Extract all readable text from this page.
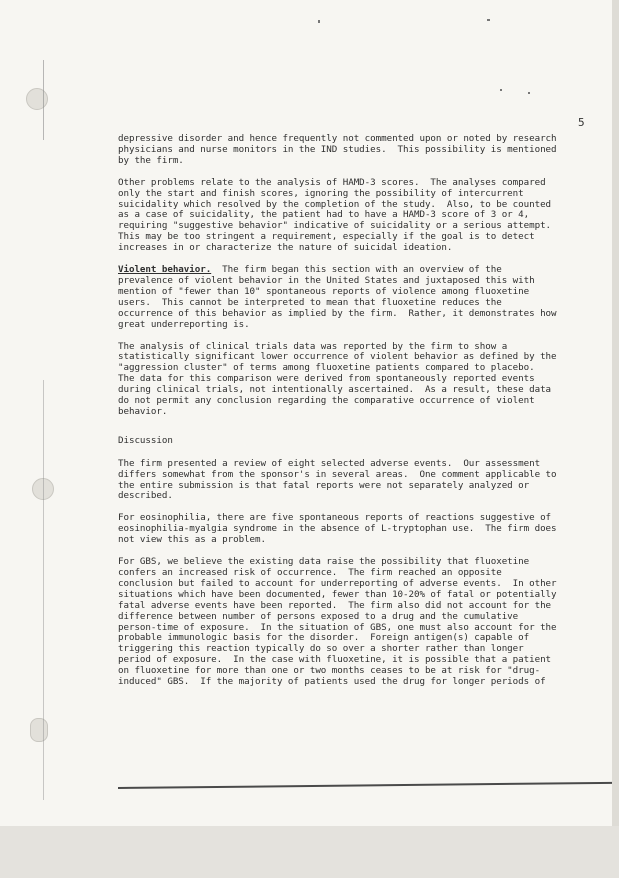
5

depressive disorder and hence frequently not commented upon or noted by research
physicians and nurse monitors in the IND studies.  This possibility is mentioned
by the firm.

Other problems relate to the analysis of HAMD-3 scores.  The analyses compared
only the start and finish scores, ignoring the possibility of intercurrent
suicidality which resolved by the completion of the study.  Also, to be counted
as a case of suicidality, the patient had to have a HAMD-3 score of 3 or 4,
requiring "suggestive behavior" indicative of suicidality or a serious attempt.
This may be too stringent a requirement, especially if the goal is to detect
increases in or characterize the nature of suicidal ideation.

Violent behavior.  The firm began this section with an overview of the
prevalence of violent behavior in the United States and juxtaposed this with
mention of "fewer than 10" spontaneous reports of violence among fluoxetine
users.  This cannot be interpreted to mean that fluoxetine reduces the
occurrence of this behavior as implied by the firm.  Rather, it demonstrates how
great underreporting is.

The analysis of clinical trials data was reported by the firm to show a
statistically significant lower occurrence of violent behavior as defined by the
"aggression cluster" of terms among fluoxetine patients compared to placebo.
The data for this comparison were derived from spontaneously reported events
during clinical trials, not intentionally ascertained.  As a result, these data
do not permit any conclusion regarding the comparative occurrence of violent
behavior.

Discussion

The firm presented a review of eight selected adverse events.  Our assessment
differs somewhat from the sponsor's in several areas.  One comment applicable to
the entire submission is that fatal reports were not separately analyzed or
described.

For eosinophilia, there are five spontaneous reports of reactions suggestive of
eosinophilia-myalgia syndrome in the absence of L-tryptophan use.  The firm does
not view this as a problem.

For GBS, we believe the existing data raise the possibility that fluoxetine
confers an increased risk of occurrence.  The firm reached an opposite
conclusion but failed to account for underreporting of adverse events.  In other
situations which have been documented, fewer than 10-20% of fatal or potentially
fatal adverse events have been reported.  The firm also did not account for the
difference between number of persons exposed to a drug and the cumulative
person-time of exposure.  In the situation of GBS, one must also account for the
probable immunologic basis for the disorder.  Foreign antigen(s) capable of
triggering this reaction typically do so over a shorter rather than longer
period of exposure.  In the case with fluoxetine, it is possible that a patient
on fluoxetine for more than one or two months ceases to be at risk for "drug-
induced" GBS.  If the majority of patients used the drug for longer periods of
